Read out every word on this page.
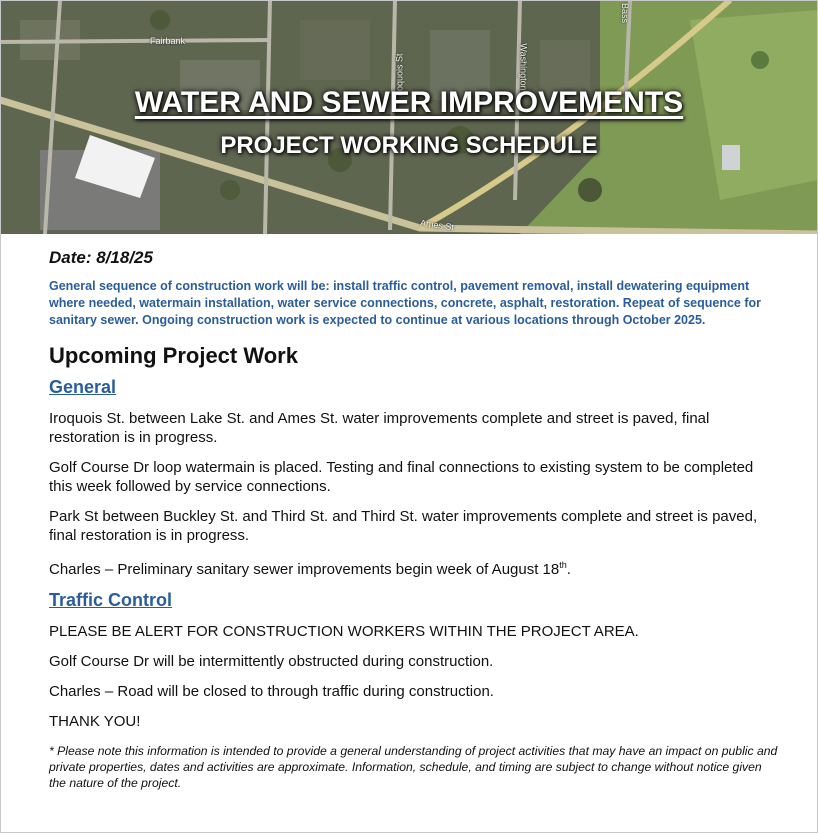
Fairbank
Iroquois St	Washington
Ames St
Bass
WATER AND SEWER IMPROVEMENTS
PROJECT WORKING SCHEDULE
Date: 8/18/25

General sequence of construction work will be: install traffic control, pavement removal, install dewatering equipment where needed, watermain installation, water service connections, concrete, asphalt, restoration. Repeat of sequence for sanitary sewer. Ongoing construction work is expected to continue at various locations through October 2025.

Upcoming Project Work
General

Iroquois St. between Lake St. and Ames St. water improvements complete and street is paved, final restoration is in progress.

Golf Course Dr loop watermain is placed. Testing and final connections to existing system to be completed this week followed by service connections.

Park St between Buckley St. and Third St. and Third St. water improvements complete and street is paved, final restoration is in progress.

Charles – Preliminary sanitary sewer improvements begin week of August 18th.

Traffic Control

PLEASE BE ALERT FOR CONSTRUCTION WORKERS WITHIN THE PROJECT AREA.

Golf Course Dr will be intermittently obstructed during construction.

Charles – Road will be closed to through traffic during construction.

THANK YOU!

* Please note this information is intended to provide a general understanding of project activities that may have an impact on public and private properties, dates and activities are approximate. Information, schedule, and timing are subject to change without notice given the nature of the project.
